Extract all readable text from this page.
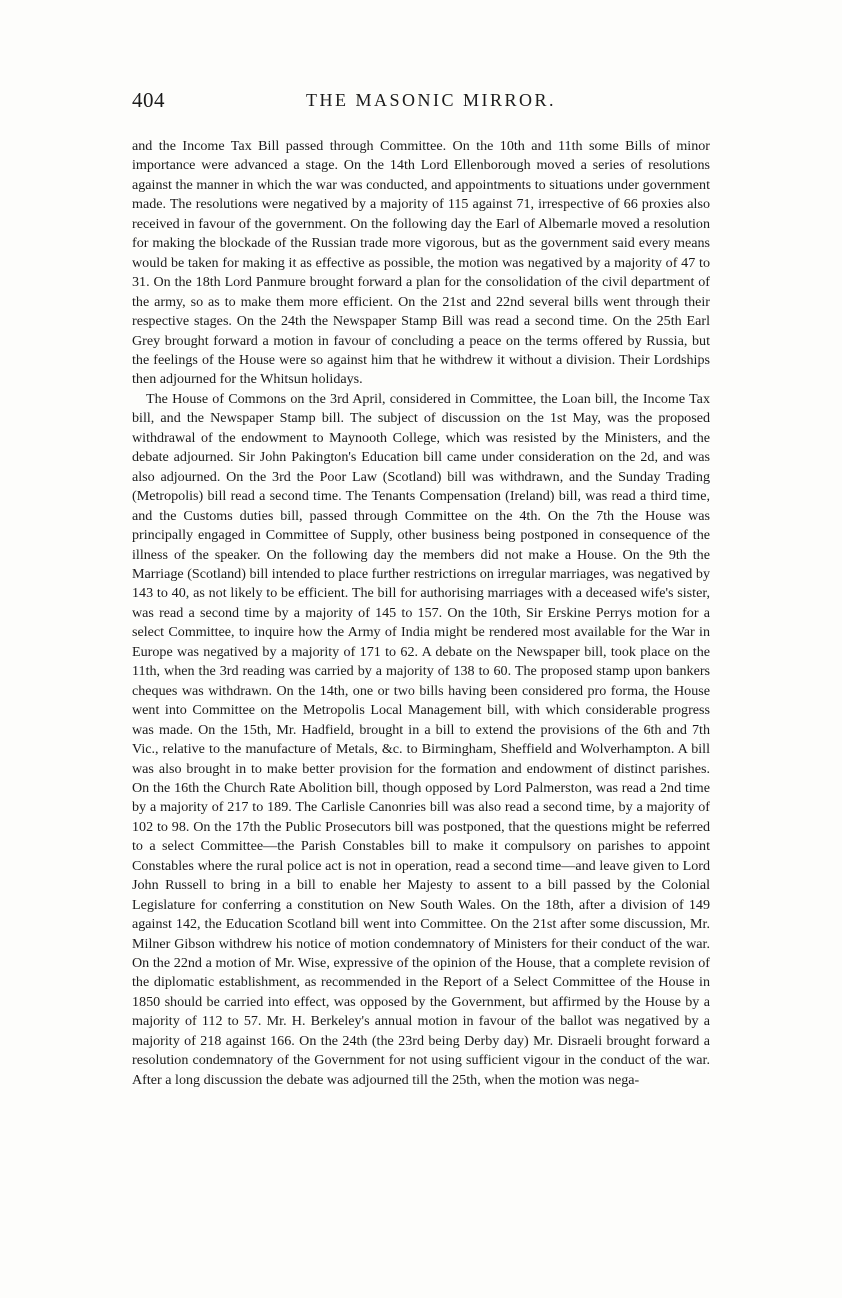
404	THE MASONIC MIRROR.

and the Income Tax Bill passed through Committee. On the 10th and 11th some Bills of minor importance were advanced a stage. On the 14th Lord Ellenborough moved a series of resolutions against the manner in which the war was conducted, and appointments to situations under government made. The resolutions were negatived by a majority of 115 against 71, irrespective of 66 proxies also received in favour of the government. On the following day the Earl of Albemarle moved a resolution for making the blockade of the Russian trade more vigorous, but as the government said every means would be taken for making it as effective as possible, the motion was negatived by a majority of 47 to 31. On the 18th Lord Panmure brought forward a plan for the consolidation of the civil department of the army, so as to make them more efficient. On the 21st and 22nd several bills went through their respective stages. On the 24th the Newspaper Stamp Bill was read a second time. On the 25th Earl Grey brought forward a motion in favour of concluding a peace on the terms offered by Russia, but the feelings of the House were so against him that he withdrew it without a division. Their Lordships then adjourned for the Whitsun holidays.

The House of Commons on the 3rd April, considered in Committee, the Loan bill, the Income Tax bill, and the Newspaper Stamp bill. The subject of discussion on the 1st May, was the proposed withdrawal of the endowment to Maynooth College, which was resisted by the Ministers, and the debate adjourned. Sir John Pakington's Education bill came under consideration on the 2d, and was also adjourned. On the 3rd the Poor Law (Scotland) bill was withdrawn, and the Sunday Trading (Metropolis) bill read a second time. The Tenants Compensation (Ireland) bill, was read a third time, and the Customs duties bill, passed through Committee on the 4th. On the 7th the House was principally engaged in Committee of Supply, other business being postponed in consequence of the illness of the speaker. On the following day the members did not make a House. On the 9th the Marriage (Scotland) bill intended to place further restrictions on irregular marriages, was negatived by 143 to 40, as not likely to be efficient. The bill for authorising marriages with a deceased wife's sister, was read a second time by a majority of 145 to 157. On the 10th, Sir Erskine Perrys motion for a select Committee, to inquire how the Army of India might be rendered most available for the War in Europe was negatived by a majority of 171 to 62. A debate on the Newspaper bill, took place on the 11th, when the 3rd reading was carried by a majority of 138 to 60. The proposed stamp upon bankers cheques was withdrawn. On the 14th, one or two bills having been considered pro forma, the House went into Committee on the Metropolis Local Management bill, with which considerable progress was made. On the 15th, Mr. Hadfield, brought in a bill to extend the provisions of the 6th and 7th Vic., relative to the manufacture of Metals, &c. to Birmingham, Sheffield and Wolverhampton. A bill was also brought in to make better provision for the formation and endowment of distinct parishes. On the 16th the Church Rate Abolition bill, though opposed by Lord Palmerston, was read a 2nd time by a majority of 217 to 189. The Carlisle Canonries bill was also read a second time, by a majority of 102 to 98. On the 17th the Public Prosecutors bill was postponed, that the questions might be referred to a select Committee—the Parish Constables bill to make it compulsory on parishes to appoint Constables where the rural police act is not in operation, read a second time—and leave given to Lord John Russell to bring in a bill to enable her Majesty to assent to a bill passed by the Colonial Legislature for conferring a constitution on New South Wales. On the 18th, after a division of 149 against 142, the Education Scotland bill went into Committee. On the 21st after some discussion, Mr. Milner Gibson withdrew his notice of motion condemnatory of Ministers for their conduct of the war. On the 22nd a motion of Mr. Wise, expressive of the opinion of the House, that a complete revision of the diplomatic establishment, as recommended in the Report of a Select Committee of the House in 1850 should be carried into effect, was opposed by the Government, but affirmed by the House by a majority of 112 to 57. Mr. H. Berkeley's annual motion in favour of the ballot was negatived by a majority of 218 against 166. On the 24th (the 23rd being Derby day) Mr. Disraeli brought forward a resolution condemnatory of the Government for not using sufficient vigour in the conduct of the war. After a long discussion the debate was adjourned till the 25th, when the motion was nega-
